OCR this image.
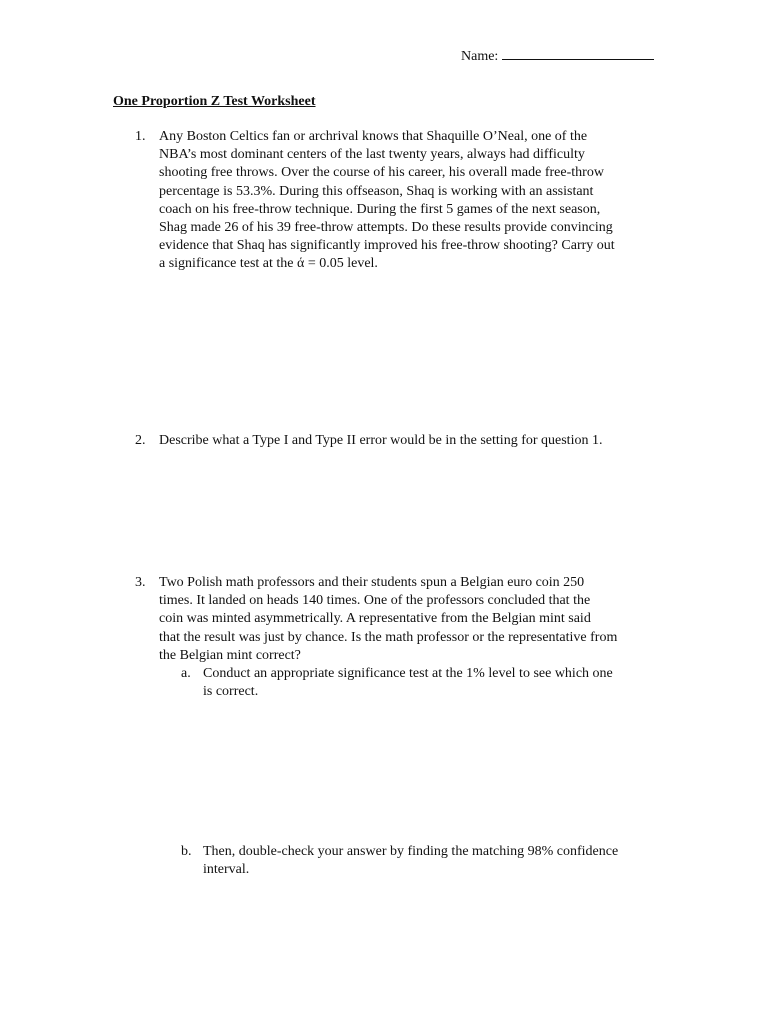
Name:
One Proportion Z Test Worksheet
1. Any Boston Celtics fan or archrival knows that Shaquille O’Neal, one of the
NBA’s most dominant centers of the last twenty years, always had difficulty
shooting free throws. Over the course of his career, his overall made free-throw
percentage is 53.3%. During this offseason, Shaq is working with an assistant
coach on his free-throw technique. During the first 5 games of the next season,
Shag made 26 of his 39 free-throw attempts. Do these results provide convincing
evidence that Shaq has significantly improved his free-throw shooting? Carry out
a significance test at the ά = 0.05 level.
2. Describe what a Type I and Type II error would be in the setting for question 1.
3. Two Polish math professors and their students spun a Belgian euro coin 250
times. It landed on heads 140 times. One of the professors concluded that the
coin was minted asymmetrically. A representative from the Belgian mint said
that the result was just by chance. Is the math professor or the representative from
the Belgian mint correct?
a. Conduct an appropriate significance test at the 1% level to see which one
is correct.
b. Then, double-check your answer by finding the matching 98% confidence
interval.
